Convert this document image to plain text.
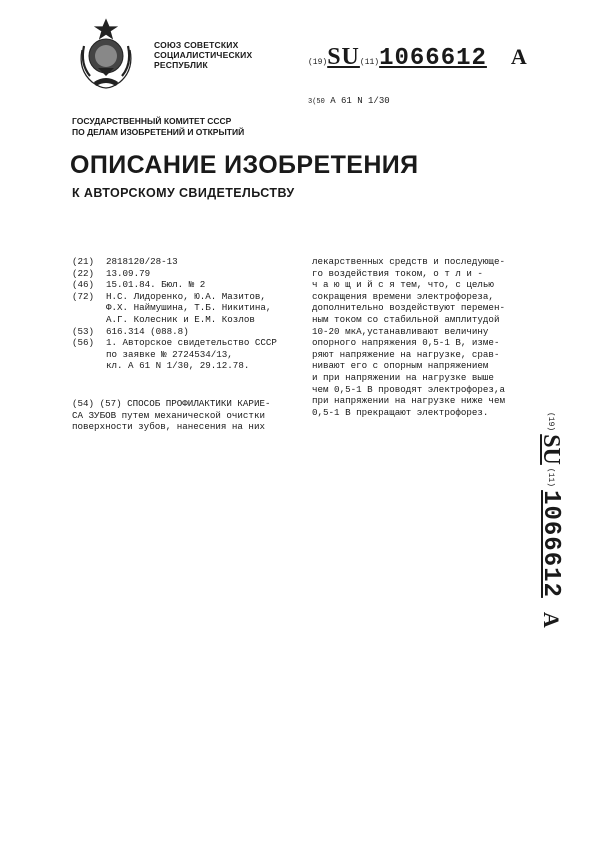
СОЮЗ СОВЕТСКИХ
СОЦИАЛИСТИЧЕСКИХ
РЕСПУБЛИК	(19)SU(11)1066612 A
3(50 A 61 N 1/30
ГОСУДАРСТВЕННЫЙ КОМИТЕТ СССР
ПО ДЕЛАМ ИЗОБРЕТЕНИЙ И ОТКРЫТИЙ
ОПИСАНИЕ ИЗОБРЕТЕНИЯ
К АВТОРСКОМУ СВИДЕТЕЛЬСТВУ
(21)	2818120/28-13
(22)	13.09.79
(46)	15.01.84. Бюл. № 2
(72)	Н.С. Лидоренко, Ю.А. Мазитов,
Ф.Х. Наймушина, Т.Б. Никитина,
А.Г. Колесник и Е.М. Козлов
(53)	616.314 (088.8)
(56)	1. Авторское свидетельство СССР
по заявке № 2724534/13,
кл. А 61 N 1/30, 29.12.78.
(54) (57) СПОСОБ ПРОФИЛАКТИКИ КАРИЕ-
СА ЗУБОВ путем механической очистки
поверхности зубов, нанесения на них
лекарственных средств и последующе-
го воздействия током, о т л и -
ч а ю щ и й с я тем, что, с целью
сокращения времени электрофореза,
дополнительно воздействуют перемен-
ным током со стабильной амплитудой
10-20 мкА,устанавливают величину
опорного напряжения 0,5-1 В, изме-
ряют напряжение на нагрузке, срав-
нивают его с опорным напряжением
и при напряжении на нагрузке выше
чем 0,5-1 В проводят электрофорез,а
при напряжении на нагрузке ниже чем
0,5-1 В прекращают электрофорез.	(19)
SU
(11)
1066612
A
